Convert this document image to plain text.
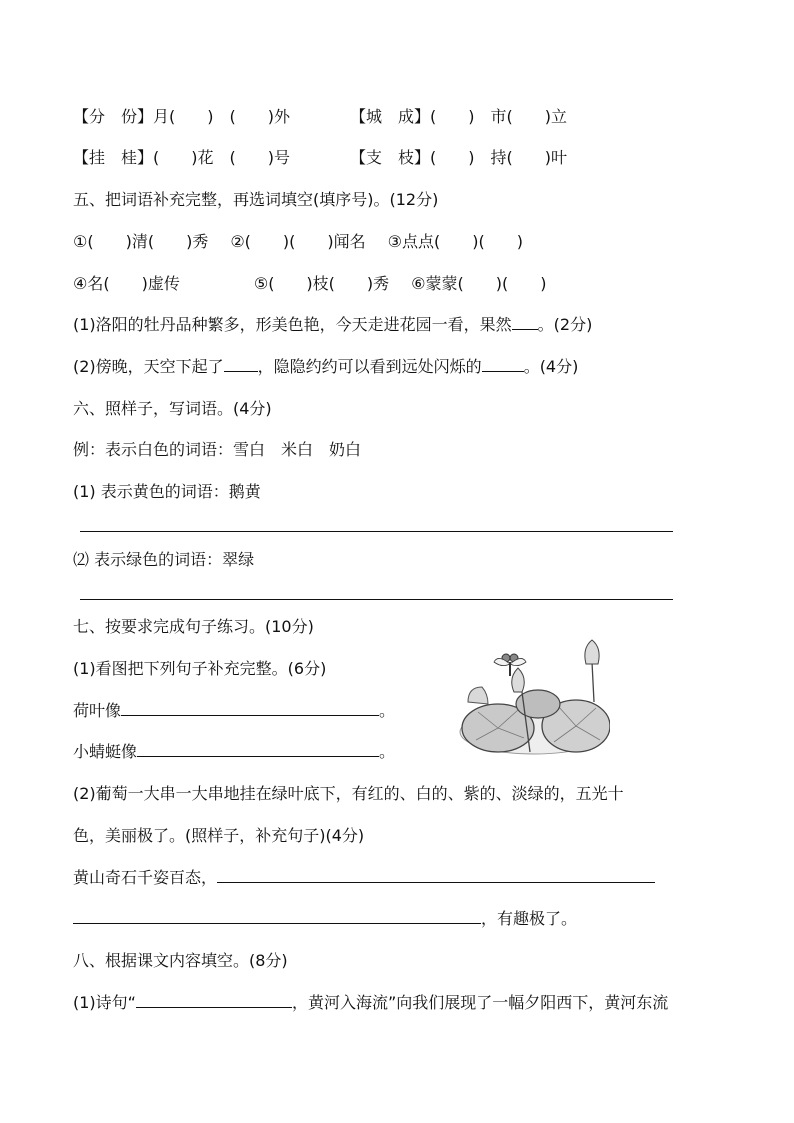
【分　份】月(　　)　(　　)外	【城　成】(　　)　市(　　)立
【挂　桂】(　　)花　(　　)号	【支　枝】(　　)　持(　　)叶
五、把词语补充完整，再选词填空(填序号)。(12分)
①(　　)清(　　)秀 ②(　　)(　　)闻名 ③点点(　　)(　　)
④名(　　)虚传	⑤(　　)枝(　　)秀 ⑥蒙蒙(　　)(　　)
(1)洛阳的牡丹品种繁多，形美色艳，今天走进花园一看，果然 。(2分)
(2)傍晚，天空下起了 ，隐隐约约可以看到远处闪烁的	。(4分)
六、照样子，写词语。(4分)
例：表示白色的词语：雪白　米白　奶白
(1) 表示黄色的词语：鹅黄
⑵ 表示绿色的词语：翠绿
七、按要求完成句子练习。(10分)
(1)看图把下列句子补充完整。(6分)
荷叶像	。
小蜻蜓像	。
(2)葡萄一大串一大串地挂在绿叶底下，有红的、白的、紫的、淡绿的，五光十
色，美丽极了。(照样子，补充句子)(4分)
黄山奇石千姿百态，
，有趣极了。
八、根据课文内容填空。(8分)
(1)诗句“	，黄河入海流”向我们展现了一幅夕阳西下，黄河东流
